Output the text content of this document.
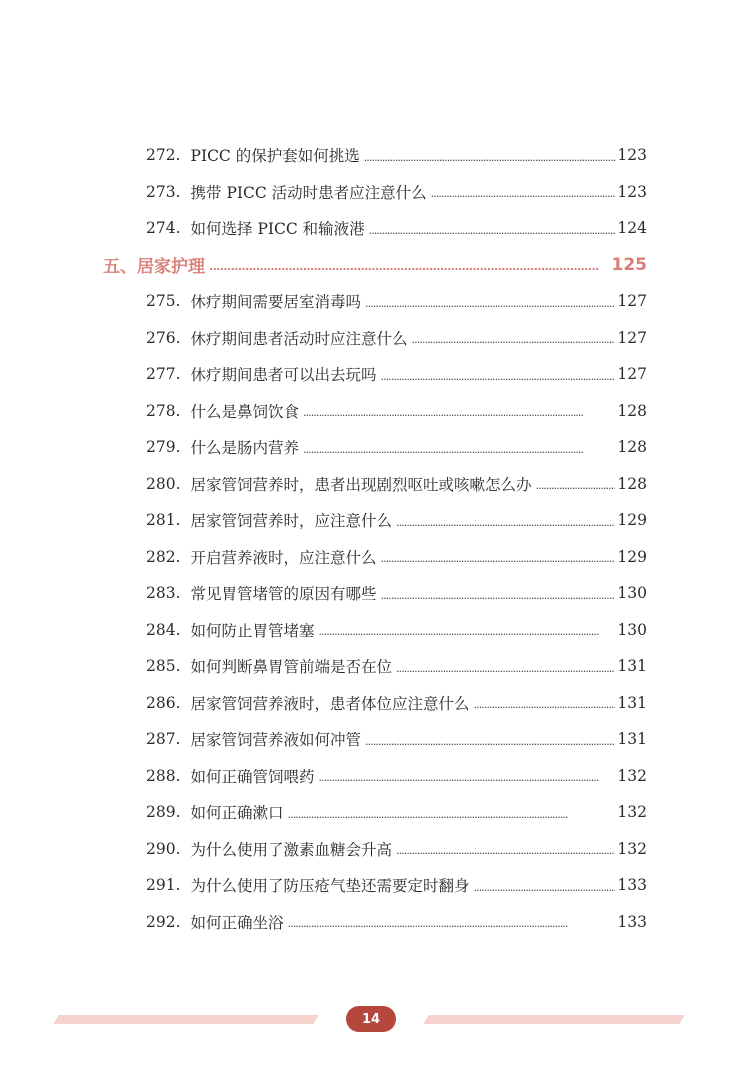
272. PICC 的保护套如何挑选 . . .	123
273. 携带 PICC 活动时患者应注意什么 . . .	123
274. 如何选择 PICC 和输液港 . . .	124
五、居家护理 . . .	125
275. 休疗期间需要居室消毒吗 . . .	127
276. 休疗期间患者活动时应注意什么 . . .	127
277. 休疗期间患者可以出去玩吗 . . .	127
278. 什么是鼻饲饮食 . . .	128
279. 什么是肠内营养 . . .	128
280. 居家管饲营养时，患者出现剧烈呕吐或咳嗽怎么办 . . .	128
281. 居家管饲营养时，应注意什么 . . .	129
282. 开启营养液时，应注意什么 . . .	129
283. 常见胃管堵管的原因有哪些 . . .	130
284. 如何防止胃管堵塞 . . .	130
285. 如何判断鼻胃管前端是否在位 . . .	131
286. 居家管饲营养液时，患者体位应注意什么 . . .	131
287. 居家管饲营养液如何冲管 . . .	131
288. 如何正确管饲喂药 . . .	132
289. 如何正确漱口 . . .	132
290. 为什么使用了激素血糖会升高 . . .	132
291. 为什么使用了防压疮气垫还需要定时翻身 . . .	133
292. 如何正确坐浴 . . .	133
14
